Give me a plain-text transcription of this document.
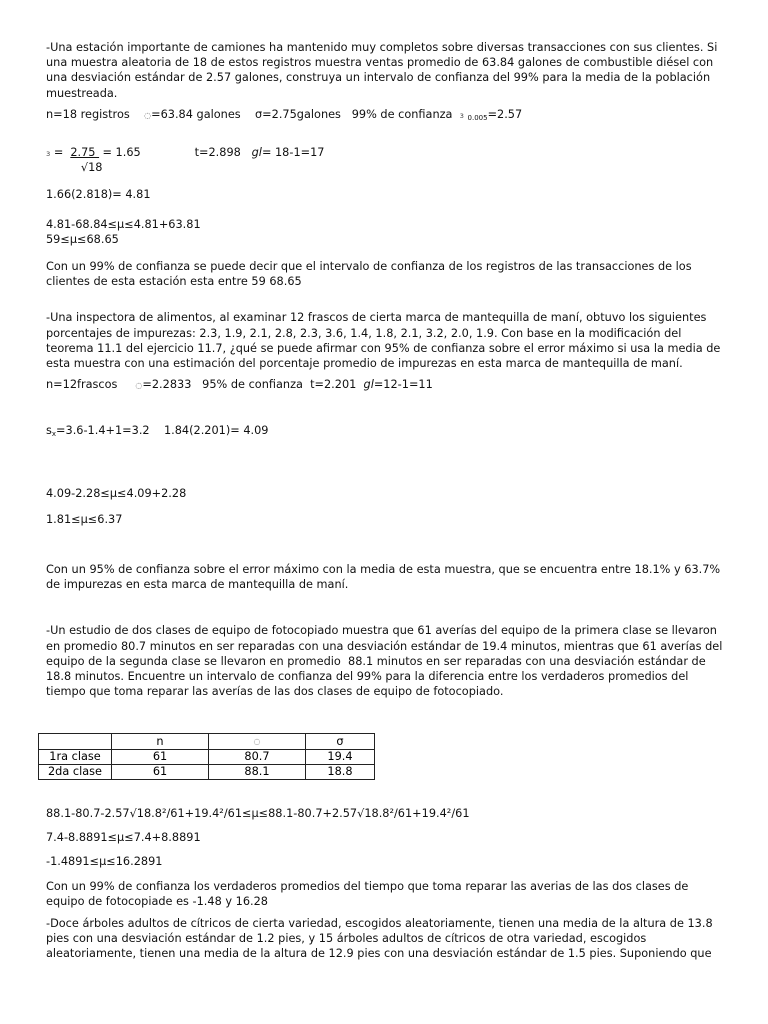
-Una estación importante de camiones ha mantenido muy completos sobre diversas transacciones con sus clientes. Si una muestra aleatoria de 18 de estos registros muestra ventas promedio de 63.84 galones de combustible diésel con una desviación estándar de 2.57 galones, construya un intervalo de confianza del 99% para la media de la población muestreada.

n=18 registros ◌=63.84 galones    σ=2.75galones   99% de confianza з $_{0.005}$=2.57

$з = \frac{2.75}{√18} = 1.65$	t=2.898 gl= 18-1=17

1.66(2.818)= 4.81

4.81-68.84≤µ≤4.81+63.81

59≤µ≤68.65

Con un 99% de confianza se puede decir que el intervalo de confianza de los registros de las transacciones de los clientes de esta estación esta entre 59 68.65

-Una inspectora de alimentos, al examinar 12 frascos de cierta marca de mantequilla de maní, obtuvo los siguientes porcentajes de impurezas: 2.3, 1.9, 2.1, 2.8, 2.3, 3.6, 1.4, 1.8, 2.1, 3.2, 2.0, 1.9. Con base en la modificación del teorema 11.1 del ejercicio 11.7, ¿qué se puede afirmar con 95% de confianza sobre el error máximo si usa la media de esta muestra con una estimación del porcentaje promedio de impurezas en esta marca de mantequilla de maní.

n=12frascos ◌=2.2833   95% de confianza  t=2.201 gl=12-1=11

$s_x=3.6-1.4+1=3.2$    1.84(2.201)= 4.09

4.09-2.28≤µ≤4.09+2.28

1.81≤µ≤6.37

Con un 95% de confianza sobre el error máximo con la media de esta muestra, que se encuentra entre 18.1% y 63.7% de impurezas en esta marca de mantequilla de maní.

-Un estudio de dos clases de equipo de fotocopiado muestra que 61 averías del equipo de la primera clase se llevaron en promedio 80.7 minutos en ser reparadas con una desviación estándar de 19.4 minutos, mientras que 61 averías del equipo de la segunda clase se llevaron en promedio  88.1 minutos en ser reparadas con una desviación estándar de 18.8 minutos. Encuentre un intervalo de confianza del 99% para la diferencia entre los verdaderos promedios del tiempo que toma reparar las averías de las dos clases de equipo de fotocopiado.

	n	◌	σ
1ra clase	61	80.7	19.4
2da clase	61	88.1	18.8

88.1-80.7-2.57√18.8²/61+19.4²/61≤µ≤88.1-80.7+2.57√18.8²/61+19.4²/61

7.4-8.8891≤µ≤7.4+8.8891

-1.4891≤µ≤16.2891

Con un 99% de confianza los verdaderos promedios del tiempo que toma reparar las averias de las dos clases de equipo de fotocopiade es -1.48 y 16.28

-Doce árboles adultos de cítricos de cierta variedad, escogidos aleatoriamente, tienen una media de la altura de 13.8 pies con una desviación estándar de 1.2 pies, y 15 árboles adultos de cítricos de otra variedad, escogidos aleatoriamente, tienen una media de la altura de 12.9 pies con una desviación estándar de 1.5 pies. Suponiendo que
